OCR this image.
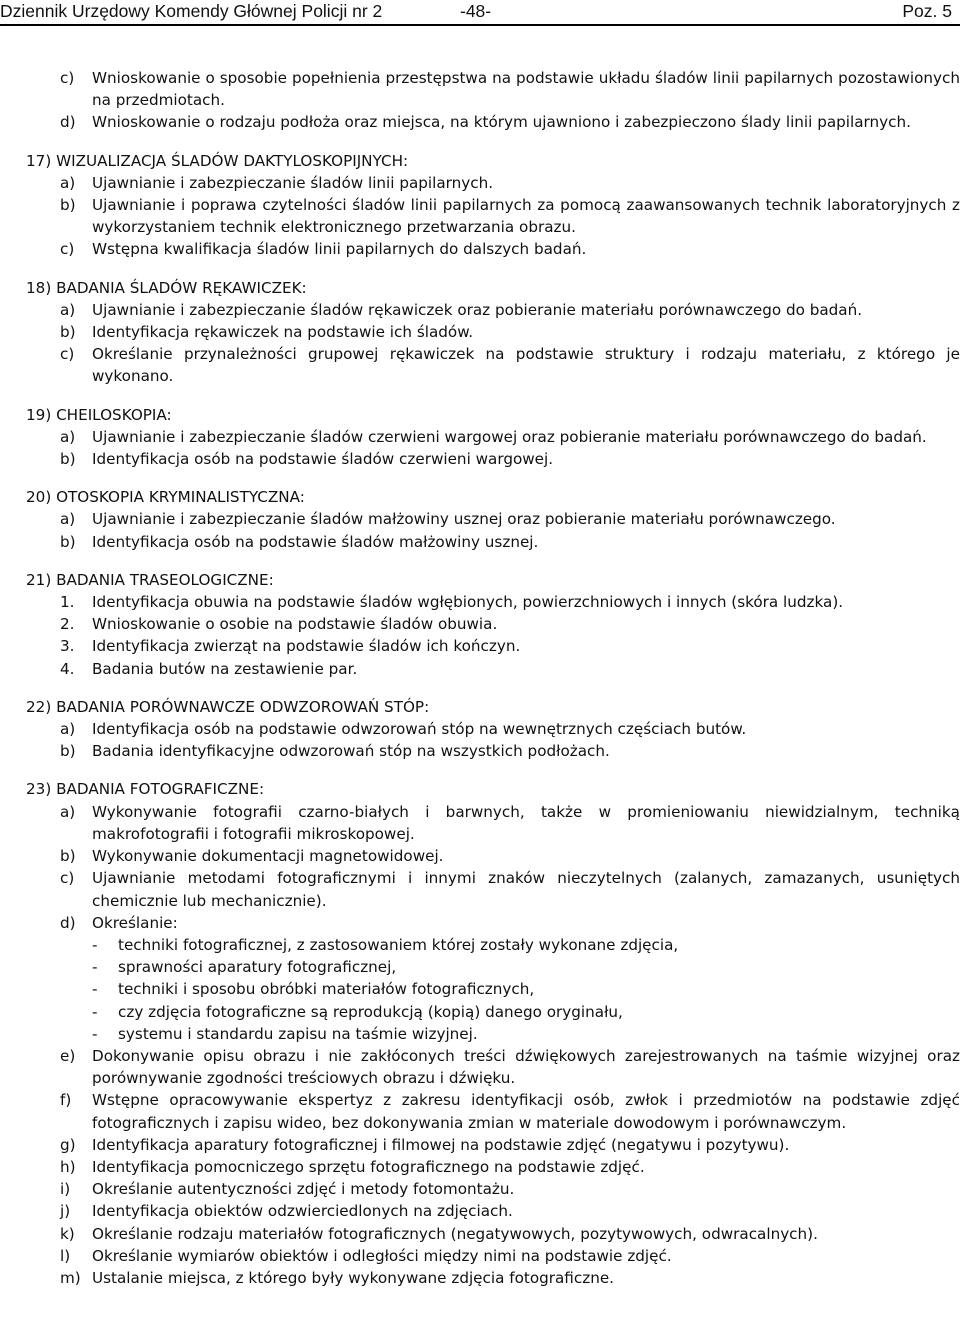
Dziennik Urzędowy Komendy Głównej Policji nr 2	-48-	Poz. 5
c) Wnioskowanie o sposobie popełnienia przestępstwa na podstawie układu śladów linii papilarnych pozostawionych na przedmiotach.
d) Wnioskowanie o rodzaju podłoża oraz miejsca, na którym ujawniono i zabezpieczono ślady linii papilarnych.
17) WIZUALIZACJA ŚLADÓW DAKTYLOSKOPIJNYCH:
a) Ujawnianie i zabezpieczanie śladów linii papilarnych.
b) Ujawnianie i poprawa czytelności śladów linii papilarnych za pomocą zaawansowanych technik laboratoryjnych z wykorzystaniem technik elektronicznego przetwarzania obrazu.
c) Wstępna kwalifikacja śladów linii papilarnych do dalszych badań.
18) BADANIA ŚLADÓW RĘKAWICZEK:
a) Ujawnianie i zabezpieczanie śladów rękawiczek oraz pobieranie materiału porównawczego do badań.
b) Identyfikacja rękawiczek na podstawie ich śladów.
c) Określanie przynależności grupowej rękawiczek na podstawie struktury i rodzaju materiału, z którego je wykonano.
19) CHEILOSKOPIA:
a) Ujawnianie i zabezpieczanie śladów czerwieni wargowej oraz pobieranie materiału porównawczego do badań.
b) Identyfikacja osób na podstawie śladów czerwieni wargowej.
20) OTOSKOPIA KRYMINALISTYCZNA:
a) Ujawnianie i zabezpieczanie śladów małżowiny usznej oraz pobieranie materiału porównawczego.
b) Identyfikacja osób na podstawie śladów małżowiny usznej.
21) BADANIA TRASEOLOGICZNE:
1. Identyfikacja obuwia na podstawie śladów wgłębionych, powierzchniowych i innych (skóra ludzka).
2. Wnioskowanie o osobie na podstawie śladów obuwia.
3. Identyfikacja zwierząt na podstawie śladów ich kończyn.
4. Badania butów na zestawienie par.
22) BADANIA PORÓWNAWCZE ODWZOROWAŃ STÓP:
a) Identyfikacja osób na podstawie odwzorowań stóp na wewnętrznych częściach butów.
b) Badania identyfikacyjne odwzorowań stóp na wszystkich podłożach.
23) BADANIA FOTOGRAFICZNE:
a) Wykonywanie fotografii czarno-białych i barwnych, także w promieniowaniu niewidzialnym, techniką makrofotografii i fotografii mikroskopowej.
b) Wykonywanie dokumentacji magnetowidowej.
c) Ujawnianie metodami fotograficznymi i innymi znaków nieczytelnych (zalanych, zamazanych, usuniętych chemicznie lub mechanicznie).
d) Określanie:
- techniki fotograficznej, z zastosowaniem której zostały wykonane zdjęcia,
- sprawności aparatury fotograficznej,
- techniki i sposobu obróbki materiałów fotograficznych,
- czy zdjęcia fotograficzne są reprodukcją (kopią) danego oryginału,
- systemu i standardu zapisu na taśmie wizyjnej.
e) Dokonywanie opisu obrazu i nie zakłóconych treści dźwiękowych zarejestrowanych na taśmie wizyjnej oraz porównywanie zgodności treściowych obrazu i dźwięku.
f) Wstępne opracowywanie ekspertyz z zakresu identyfikacji osób, zwłok i przedmiotów na podstawie zdjęć fotograficznych i zapisu wideo, bez dokonywania zmian w materiale dowodowym i porównawczym.
g) Identyfikacja aparatury fotograficznej i filmowej na podstawie zdjęć (negatywu i pozytywu).
h) Identyfikacja pomocniczego sprzętu fotograficznego na podstawie zdjęć.
i) Określanie autentyczności zdjęć i metody fotomontażu.
j) Identyfikacja obiektów odzwierciedlonych na zdjęciach.
k) Określanie rodzaju materiałów fotograficznych (negatywowych, pozytywowych, odwracalnych).
l) Określanie wymiarów obiektów i odległości między nimi na podstawie zdjęć.
m) Ustalanie miejsca, z którego były wykonywane zdjęcia fotograficzne.
